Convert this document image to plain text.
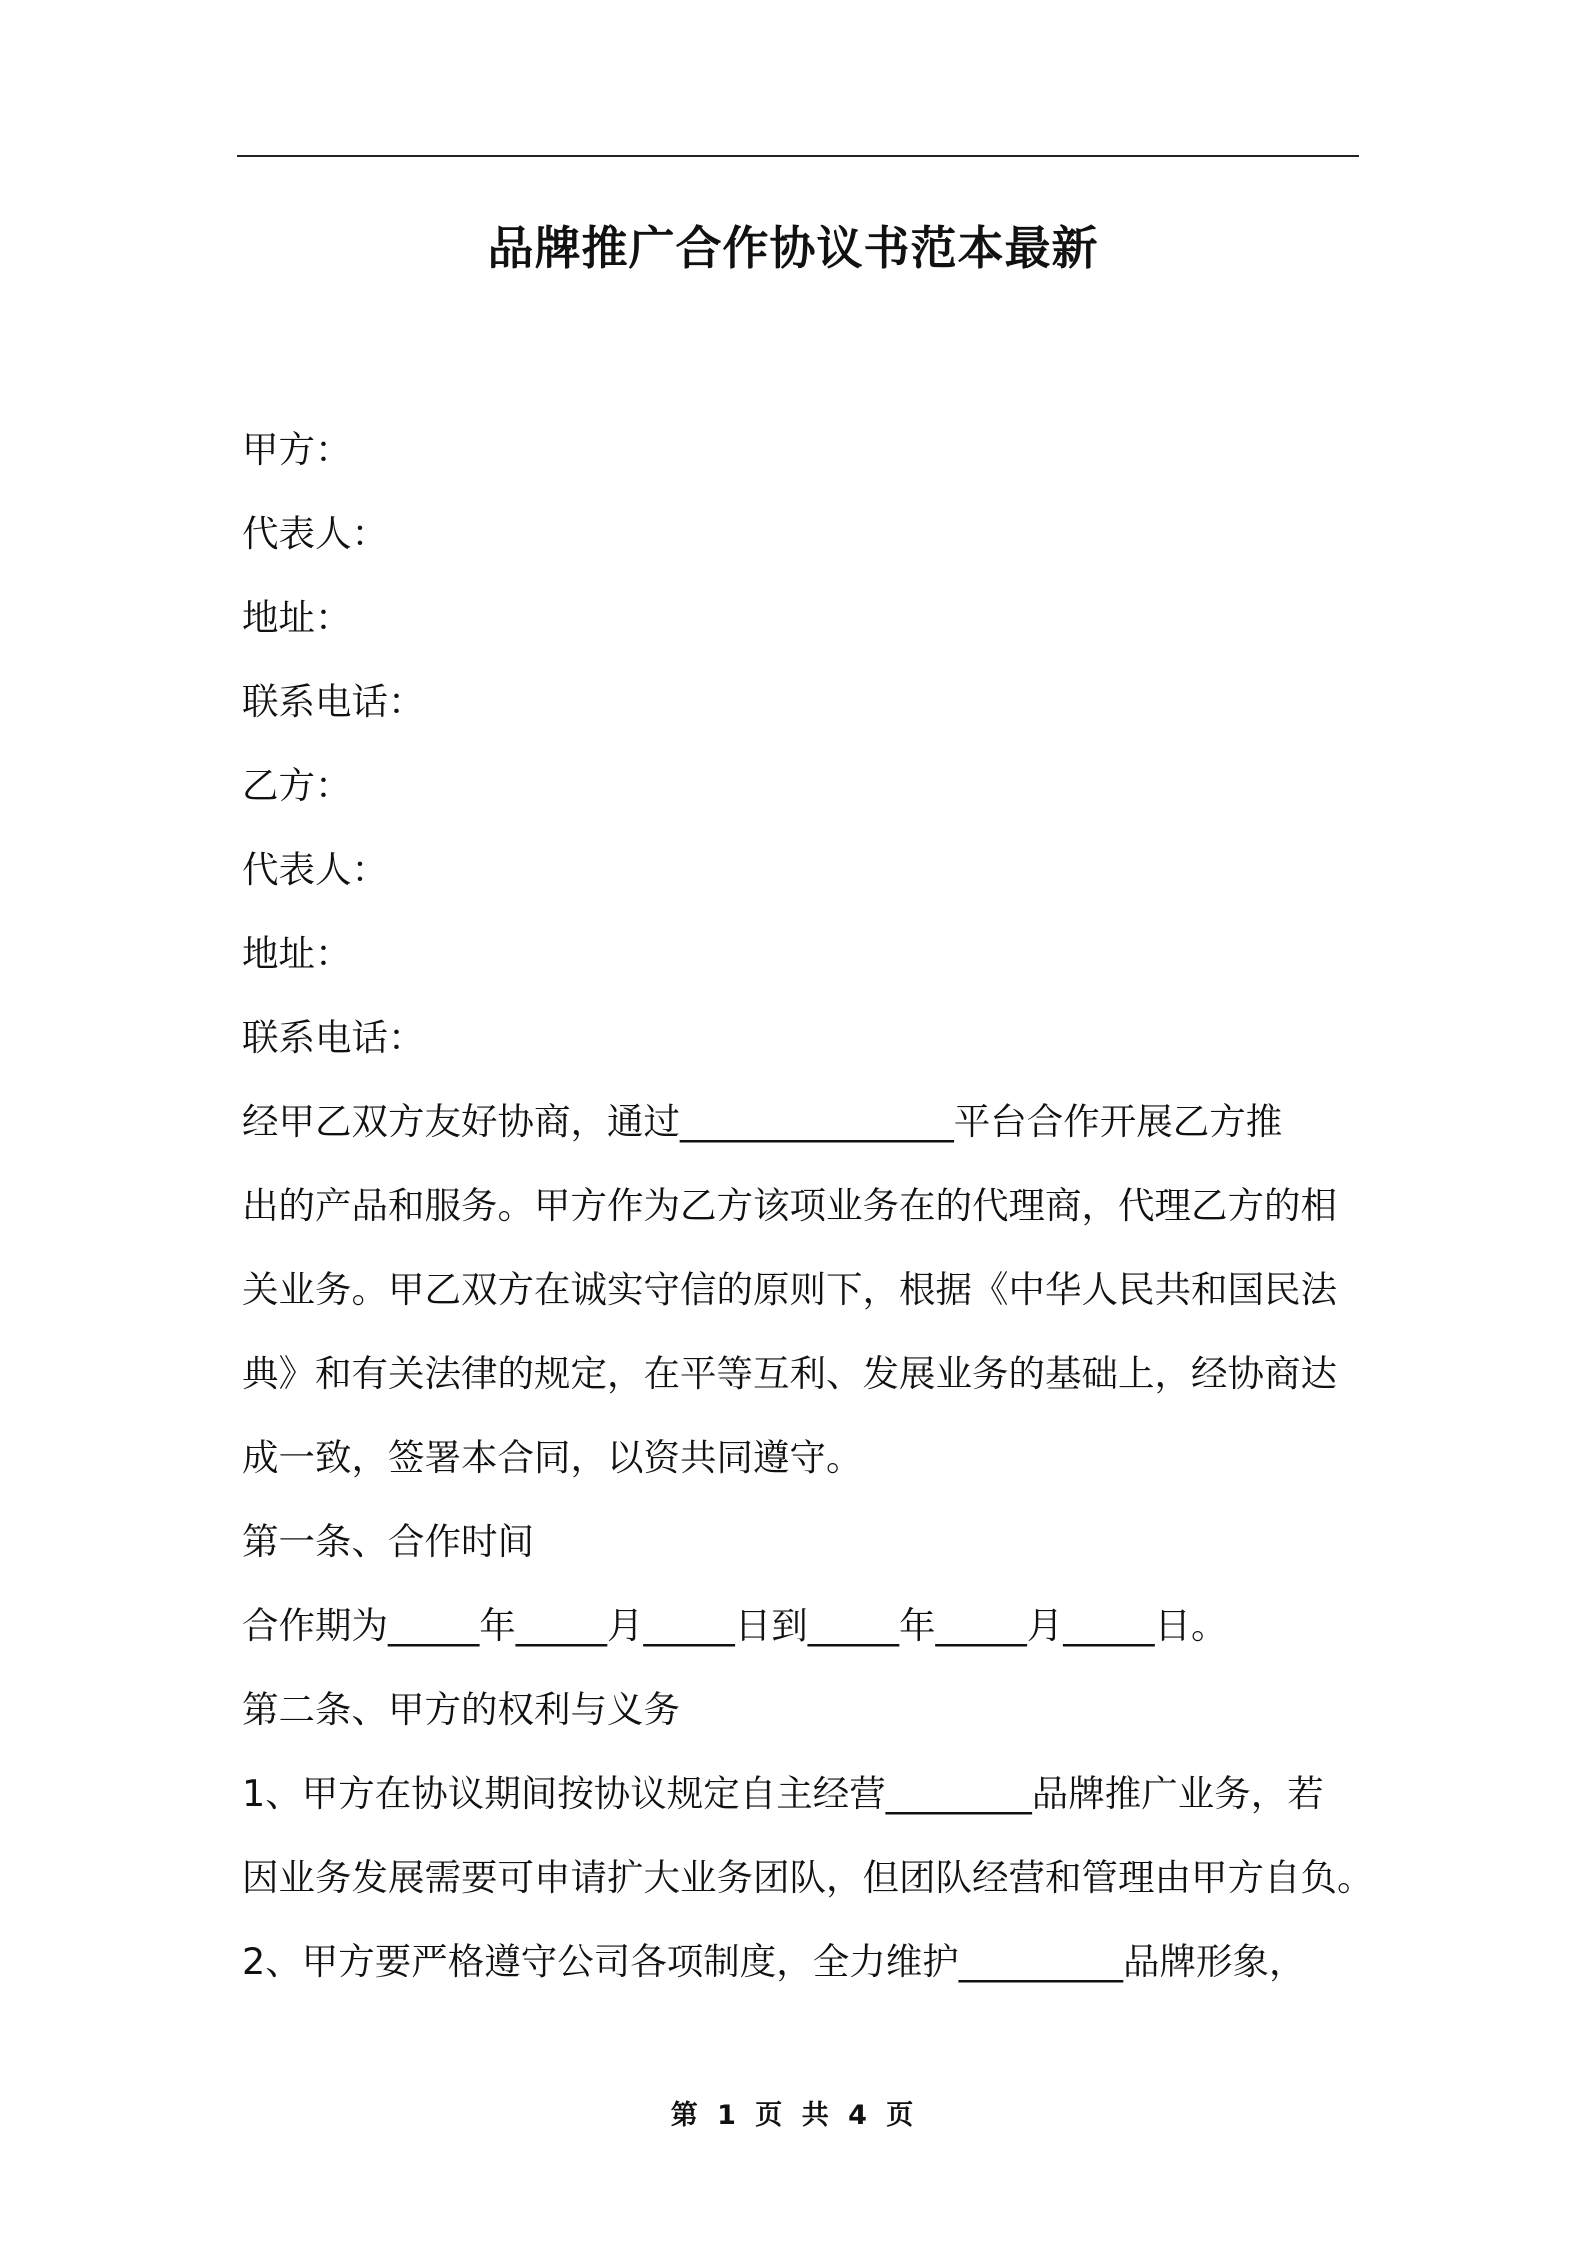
品牌推广合作协议书范本最新

甲方：

代表人：

地址：

联系电话：

乙方：

代表人：

地址：

联系电话：

经甲乙双方友好协商，通过_______________平台合作开展乙方推

出的产品和服务。甲方作为乙方该项业务在的代理商，代理乙方的相

关业务。甲乙双方在诚实守信的原则下，根据《中华人民共和国民法

典》和有关法律的规定，在平等互利、发展业务的基础上，经协商达

成一致，签署本合同，以资共同遵守。

第一条、合作时间

合作期为_____年_____月_____日到_____年_____月_____日。

第二条、甲方的权利与义务

1、甲方在协议期间按协议规定自主经营________品牌推广业务，若

因业务发展需要可申请扩大业务团队，但团队经营和管理由甲方自负。

2、甲方要严格遵守公司各项制度，全力维护_________品牌形象，

第 1 页 共 4 页
